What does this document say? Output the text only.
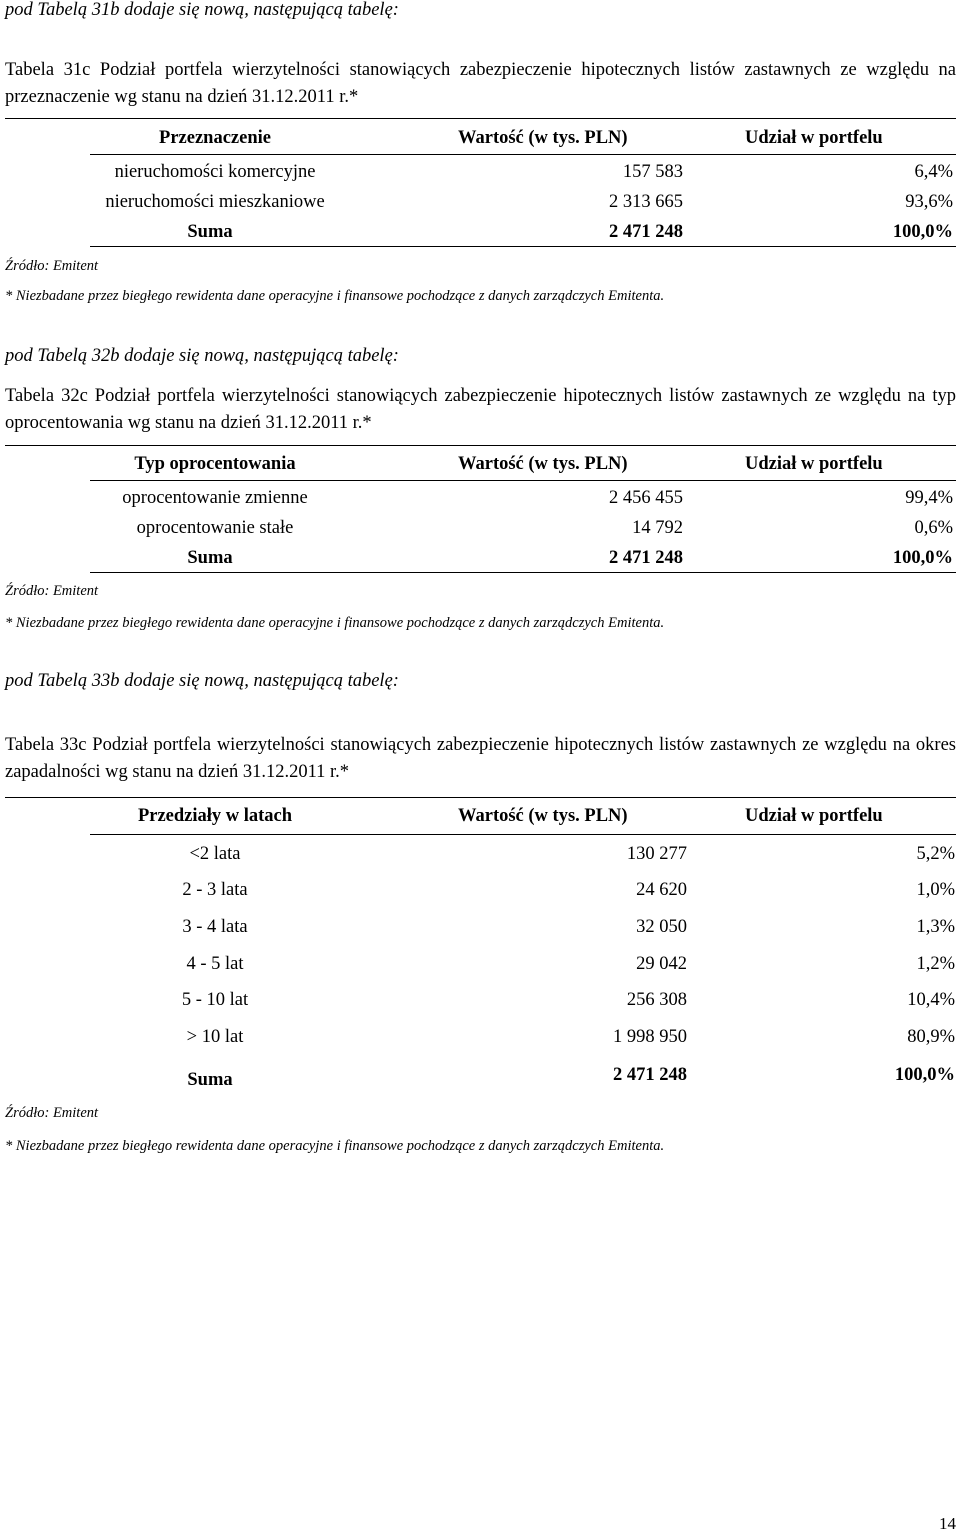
pod Tabelą 31b dodaje się nową, następującą tabelę:
Tabela 31c Podział portfela wierzytelności stanowiących zabezpieczenie hipotecznych listów zastawnych ze względu na przeznaczenie wg stanu na dzień 31.12.2011 r.*
Przeznaczenie	Wartość (w tys. PLN)	Udział w portfelu
nieruchomości komercyjne	157 583	6,4%
nieruchomości mieszkaniowe	2 313 665	93,6%
Suma	2 471 248	100,0%
Źródło: Emitent
* Niezbadane przez biegłego rewidenta dane operacyjne i finansowe pochodzące z danych zarządczych Emitenta.
pod Tabelą 32b dodaje się nową, następującą tabelę:
Tabela 32c Podział portfela wierzytelności stanowiących zabezpieczenie hipotecznych listów zastawnych ze względu na typ oprocentowania wg stanu na dzień 31.12.2011 r.*
Typ oprocentowania	Wartość (w tys. PLN)	Udział w portfelu
oprocentowanie zmienne	2 456 455	99,4%
oprocentowanie stałe	14 792	0,6%
Suma	2 471 248	100,0%
Źródło: Emitent
* Niezbadane przez biegłego rewidenta dane operacyjne i finansowe pochodzące z danych zarządczych Emitenta.
pod Tabelą 33b dodaje się nową, następującą tabelę:
Tabela 33c Podział portfela wierzytelności stanowiących zabezpieczenie hipotecznych listów zastawnych ze względu na okres zapadalności wg stanu na dzień 31.12.2011 r.*
Przedziały w latach	Wartość (w tys. PLN)	Udział w portfelu
<2 lata	130 277	5,2%
2 - 3 lata	24 620	1,0%
3 - 4 lata	32 050	1,3%
4 - 5 lat	29 042	1,2%
5 - 10 lat	256 308	10,4%
> 10 lat	1 998 950	80,9%
Suma	2 471 248	100,0%
Źródło: Emitent
* Niezbadane przez biegłego rewidenta dane operacyjne i finansowe pochodzące z danych zarządczych Emitenta.
14
